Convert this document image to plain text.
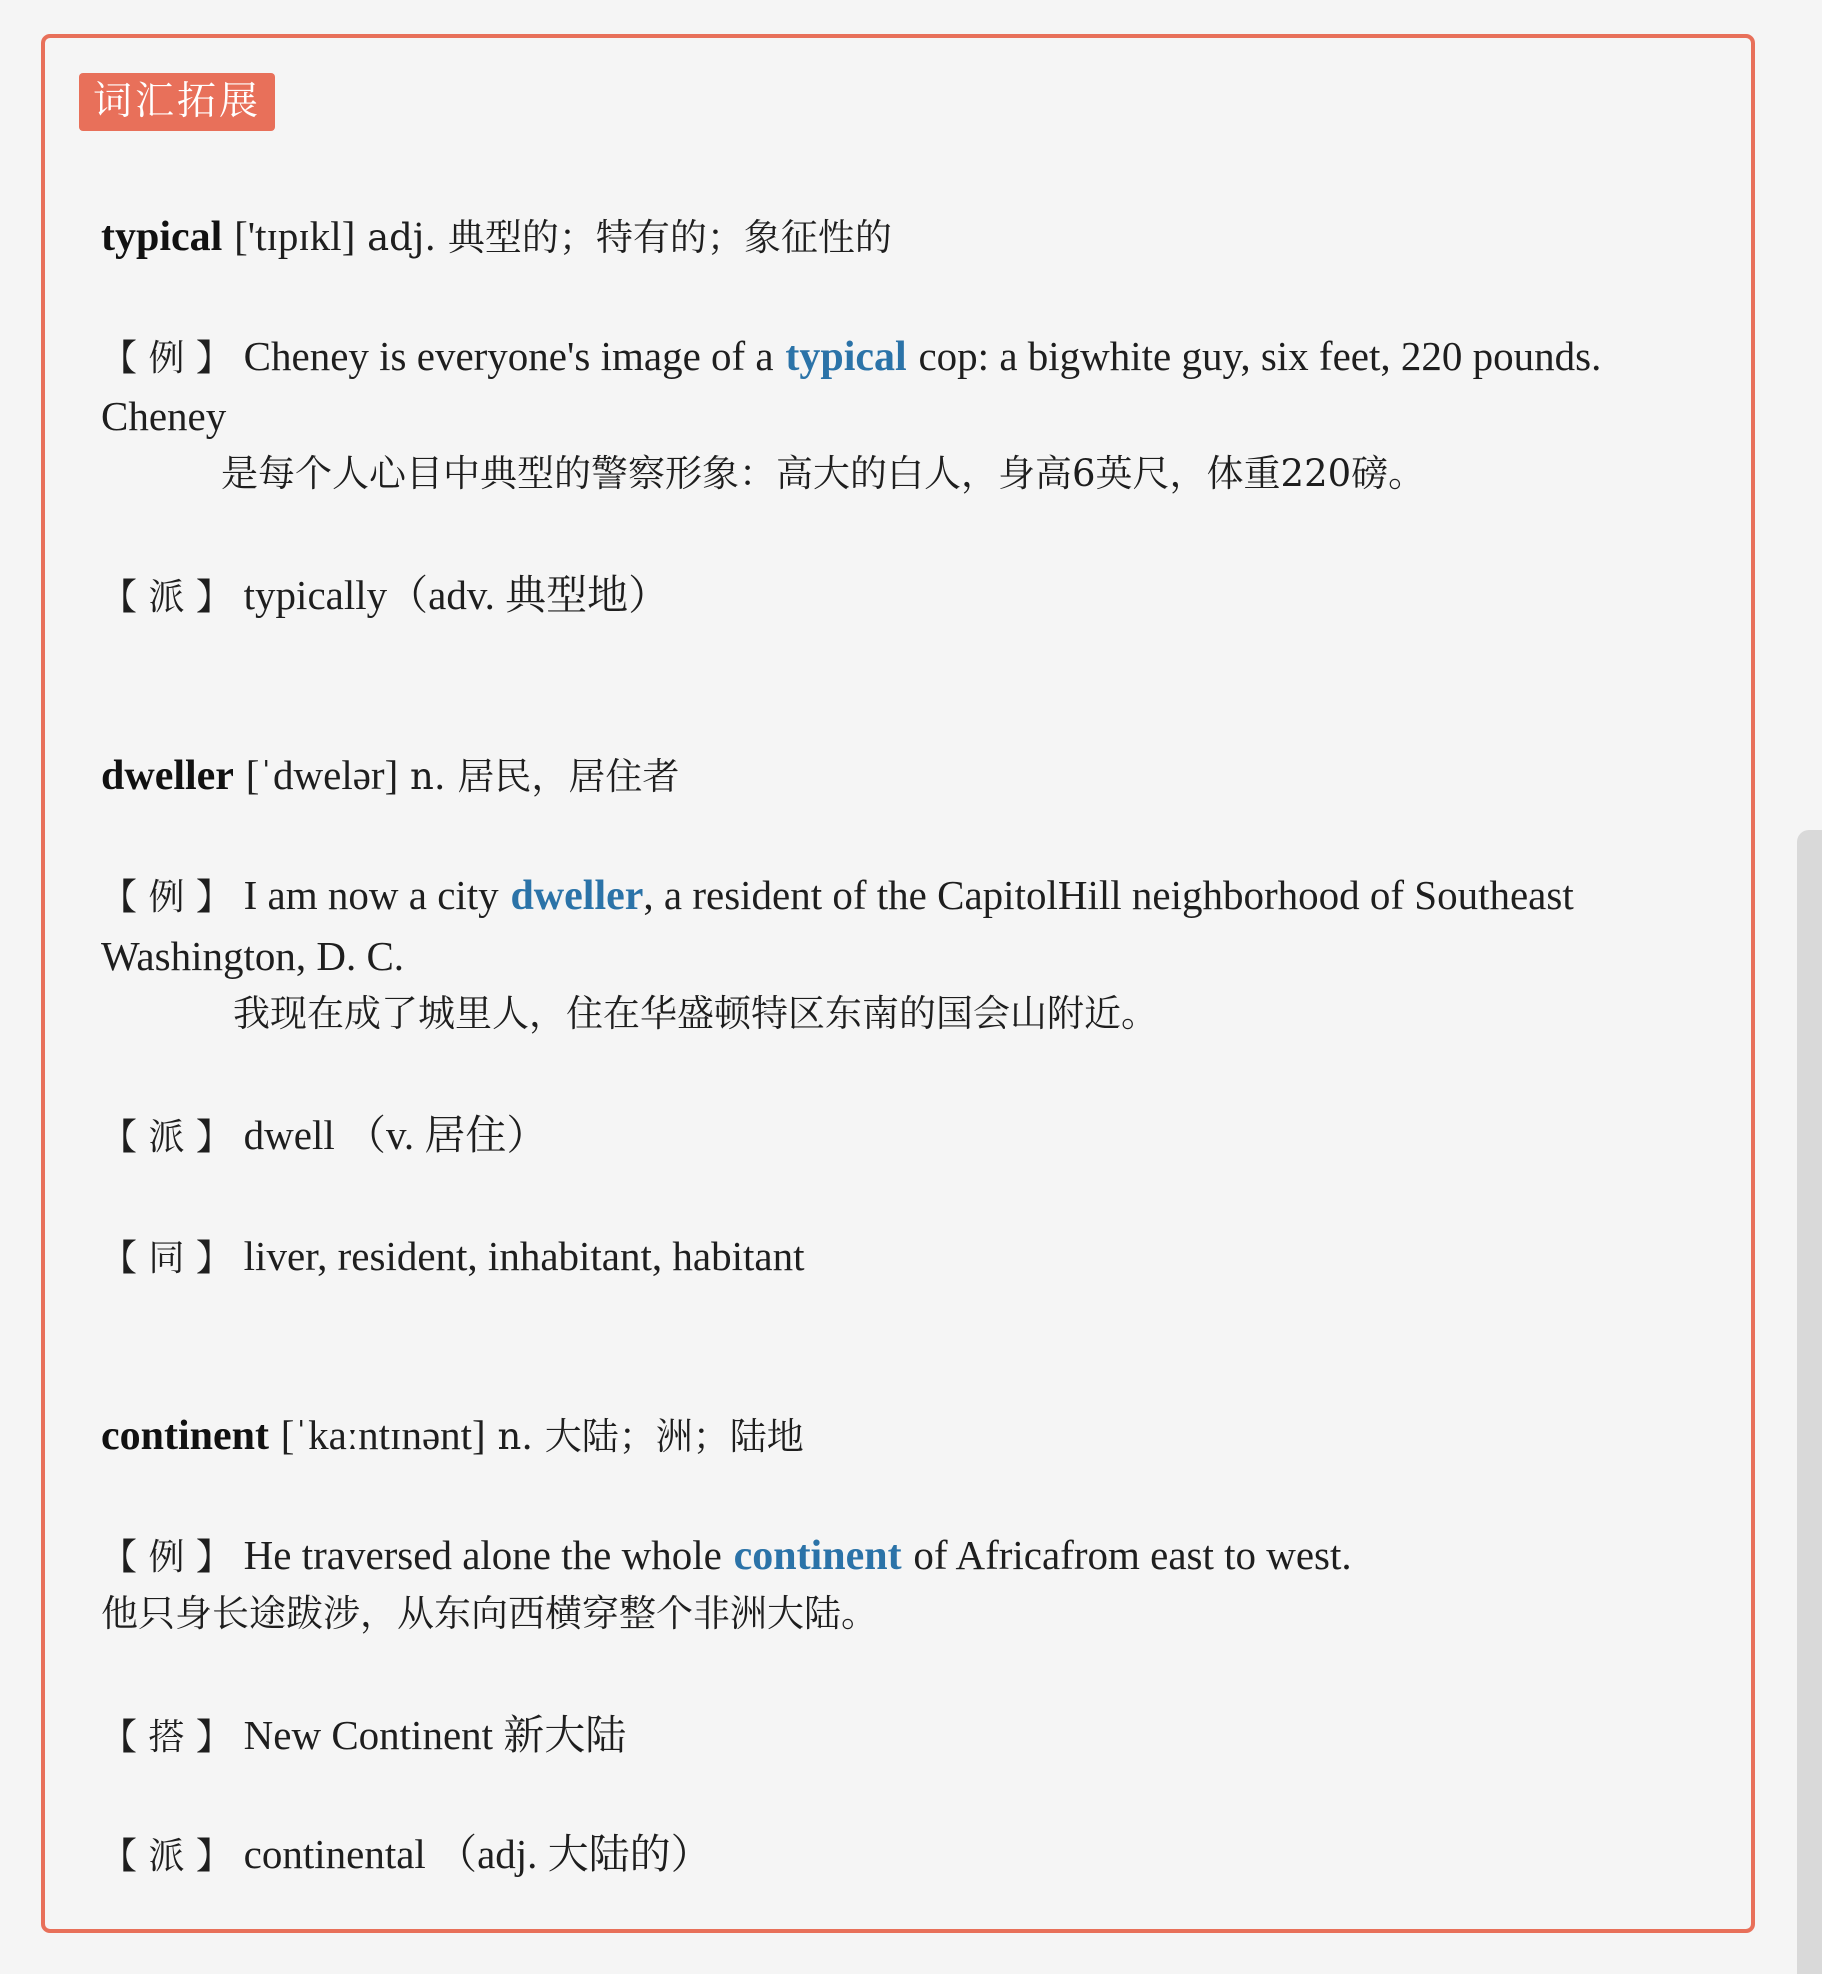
词汇拓展
typical ['tɪpɪkl] adj. 典型的；特有的；象征性的
【 例 】 Cheney is everyone's image of a typical cop: a bigwhite guy, six feet, 220 pounds.
Cheney
是每个人心目中典型的警察形象：高大的白人，身高6英尺，体重220磅。
【 派 】 typically（adv. 典型地）
dweller [ˈdwelər] n. 居民，居住者
【 例 】 I am now a city dweller, a resident of the CapitolHill neighborhood of Southeast
Washington, D. C.
我现在成了城里人，住在华盛顿特区东南的国会山附近。
【 派 】 dwell （v. 居住）
【 同 】 liver, resident, inhabitant, habitant
continent [ˈkaːntɪnənt] n. 大陆；洲；陆地
【 例 】 He traversed alone the whole continent of Africafrom east to west.
他只身长途跋涉，从东向西横穿整个非洲大陆。
【 搭 】 New Continent 新大陆
【 派 】 continental （adj. 大陆的）
